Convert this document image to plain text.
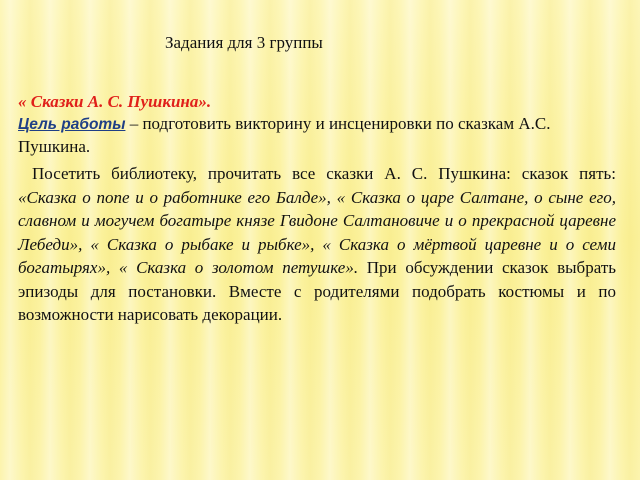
Задания для 3 группы
« Сказки А. С. Пушкина».
Цель работы – подготовить викторину и инсценировки по сказкам А.С. Пушкина.
Посетить библиотеку, прочитать все сказки А. С. Пушкина: сказок пять: «Сказка о попе и о работнике его Балде», « Сказка о царе Салтане, о сыне его, славном и могучем богатыре князе Гвидоне Салтановиче и о прекрасной царевне Лебеди», « Сказка о рыбаке и рыбке», « Сказка о мёртвой царевне и о семи богатырях», « Сказка о золотом петушке». При обсуждении сказок выбрать эпизоды для постановки. Вместе с родителями подобрать костюмы и по возможности нарисовать декорации.
